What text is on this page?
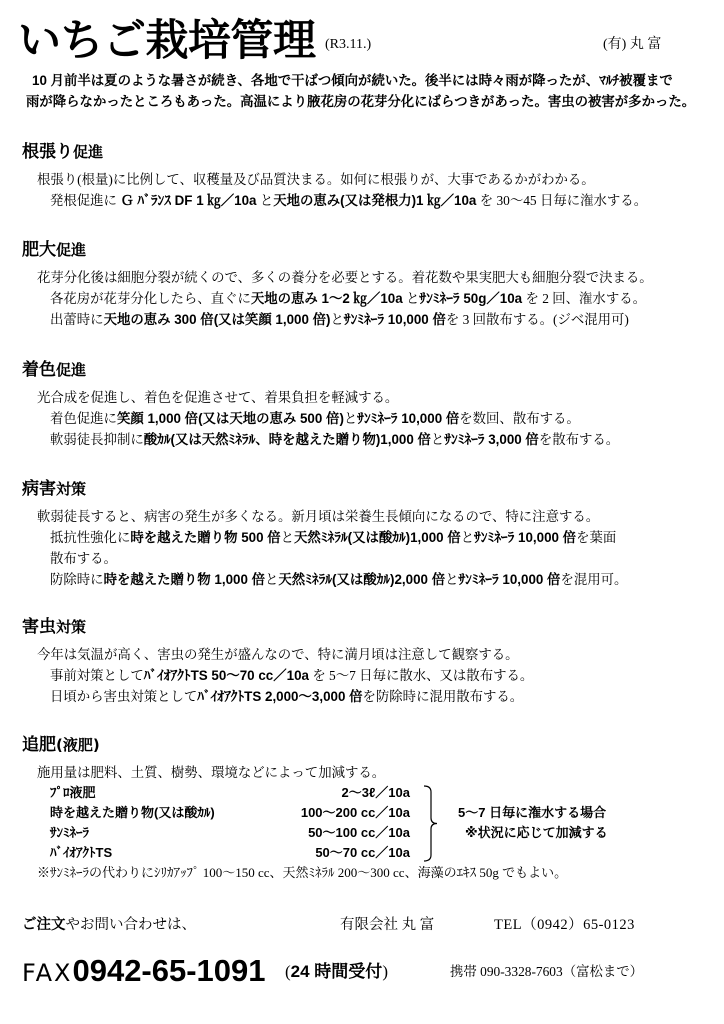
いちご栽培管理 (R3.11.)	(有) 丸 富
10 月前半は夏のような暑さが続き、各地で干ばつ傾向が続いた。後半には時々雨が降ったが、ﾏﾙﾁ被覆まで
雨が降らなかったところもあった。高温により腋花房の花芽分化にばらつきがあった。害虫の被害が多かった。
根張り促進
根張り(根量)に比例して、収穫量及び品質決まる。如何に根張りが、大事であるかがわかる。
発根促進に Ｇ ﾊﾞﾗﾝｽ DF 1 ㎏／10a と天地の恵み(又は発根力)1 ㎏／10a を 30～45 日毎に潅水する。
肥大促進
花芽分化後は細胞分裂が続くので、多くの養分を必要とする。着花数や果実肥大も細胞分裂で決まる。
各花房が花芽分化したら、直ぐに天地の恵み 1～2 ㎏／10a とｻﾝﾐﾈｰﾗ 50g／10a を 2 回、潅水する。
出蕾時に天地の恵み 300 倍(又は笑顔 1,000 倍)とｻﾝﾐﾈｰﾗ 10,000 倍を 3 回散布する。(ジベ混用可)
着色促進
光合成を促進し、着色を促進させて、着果負担を軽減する。
着色促進に笑顔 1,000 倍(又は天地の恵み 500 倍)とｻﾝﾐﾈｰﾗ 10,000 倍を数回、散布する。
軟弱徒長抑制に酸ｶﾙ(又は天然ﾐﾈﾗﾙ、時を越えた贈り物)1,000 倍とｻﾝﾐﾈｰﾗ 3,000 倍を散布する。
病害対策
軟弱徒長すると、病害の発生が多くなる。新月頃は栄養生長傾向になるので、特に注意する。
抵抗性強化に時を越えた贈り物 500 倍と天然ﾐﾈﾗﾙ(又は酸ｶﾙ)1,000 倍とｻﾝﾐﾈｰﾗ 10,000 倍を葉面
散布する。
防除時に時を越えた贈り物 1,000 倍と天然ﾐﾈﾗﾙ(又は酸ｶﾙ)2,000 倍とｻﾝﾐﾈｰﾗ 10,000 倍を混用可。
害虫対策
今年は気温が高く、害虫の発生が盛んなので、特に満月頃は注意して観察する。
事前対策としてﾊﾞｲｵｱｸﾄTS 50～70 cc／10a を 5～7 日毎に散水、又は散布する。
日頃から害虫対策としてﾊﾞｲｵｱｸﾄTS 2,000～3,000 倍を防除時に混用散布する。
追肥(液肥)
施用量は肥料、土質、樹勢、環境などによって加減する。
ﾌﾟﾛ液肥	2～3ℓ／10a
時を越えた贈り物(又は酸ｶﾙ)	100～200 cc／10a
ｻﾝﾐﾈｰﾗ	50～100 cc／10a
ﾊﾞｲｵｱｸﾄTS	50～70 cc／10a
5～7 日毎に潅水する場合
※状況に応じて加減する
※ｻﾝﾐﾈｰﾗの代わりにｼﾘｶｱｯﾌﾟ 100～150 cc、天然ﾐﾈﾗﾙ 200～300 cc、海藻のｴｷｽ 50g でもよい。
ご注文やお問い合わせは、	有限会社 丸 富	TEL（0942）65-0123
FAX0942-65-1091 (24 時間受付)	携帯 090-3328-7603（富松まで）
